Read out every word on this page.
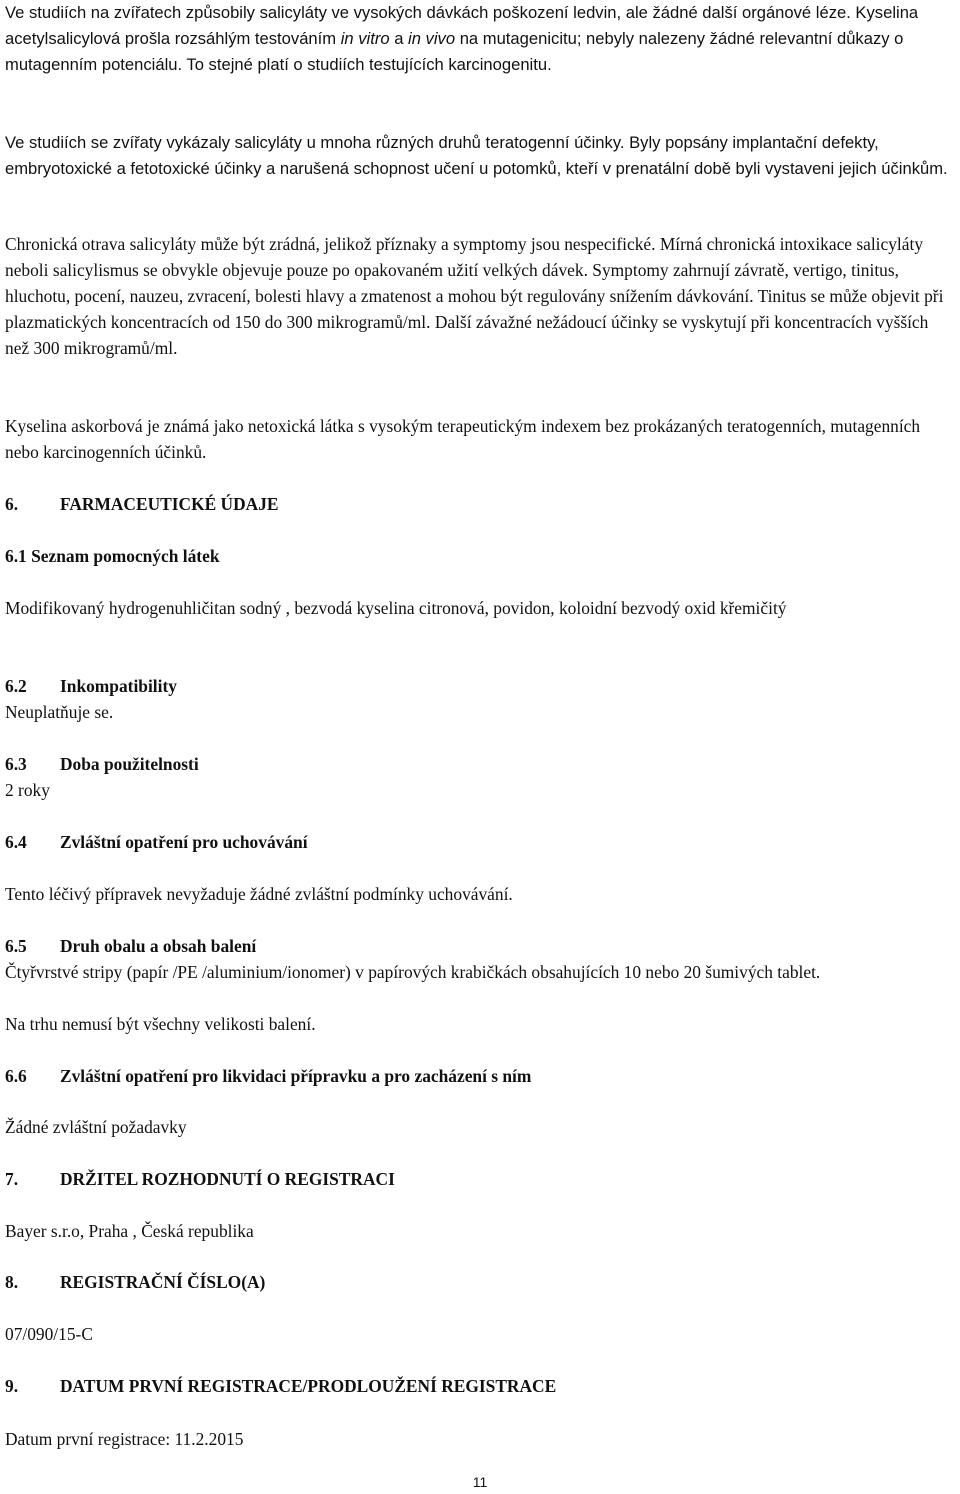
Ve studiích na zvířatech způsobily salicyláty ve vysokých dávkách poškození ledvin, ale žádné další orgánové léze. Kyselina acetylsalicylová prošla rozsáhlým testováním in vitro a in vivo na mutagenicitu; nebyly nalezeny žádné relevantní důkazy o mutagenním potenciálu. To stejné platí o studiích testujících karcinogenitu.

Ve studiích se zvířaty vykázaly salicyláty u mnoha různých druhů teratogenní účinky. Byly popsány implantační defekty, embryotoxické a fetotoxické účinky a narušená schopnost učení u potomků, kteří v prenatální době byli vystaveni jejich účinkům.

Chronická otrava salicyláty může být zrádná, jelikož příznaky a symptomy jsou nespecifické. Mírná chronická intoxikace salicyláty neboli salicylismus se obvykle objevuje pouze po opakovaném užití velkých dávek. Symptomy zahrnují závratě, vertigo, tinitus, hluchotu, pocení, nauzeu, zvracení, bolesti hlavy a zmatenost a mohou být regulovány snížením dávkování. Tinitus se může objevit při plazmatických koncentracích od 150 do 300 mikrogramů/ml. Další závažné nežádoucí účinky se vyskytují při koncentracích vyšších než 300 mikrogramů/ml.

Kyselina askorbová je známá jako netoxická látka s vysokým terapeutickým indexem bez prokázaných teratogenních, mutagenních nebo karcinogenních účinků.

6. FARMACEUTICKÉ ÚDAJE

6.1 Seznam pomocných látek

Modifikovaný hydrogenuhličitan sodný , bezvodá kyselina citronová, povidon, koloidní bezvodý oxid křemičitý

6.2 Inkompatibility

Neuplatňuje se.

6.3 Doba použitelnosti

2 roky

6.4 Zvláštní opatření pro uchovávání

Tento léčivý přípravek nevyžaduje žádné zvláštní podmínky uchovávání.

6.5 Druh obalu a obsah balení

Čtyřvrstvé stripy (papír /PE /aluminium/ionomer) v papírových krabičkách obsahujících 10 nebo 20 šumivých tablet.

Na trhu nemusí být všechny velikosti balení.

6.6 Zvláštní opatření pro likvidaci přípravku a pro zacházení s ním

Žádné zvláštní požadavky

7. DRŽITEL ROZHODNUTÍ O REGISTRACI

Bayer s.r.o, Praha , Česká republika

8. REGISTRAČNÍ ČÍSLO(A)

07/090/15-C

9. DATUM PRVNÍ REGISTRACE/PRODLOUŽENÍ REGISTRACE

Datum první registrace: 11.2.2015

11
